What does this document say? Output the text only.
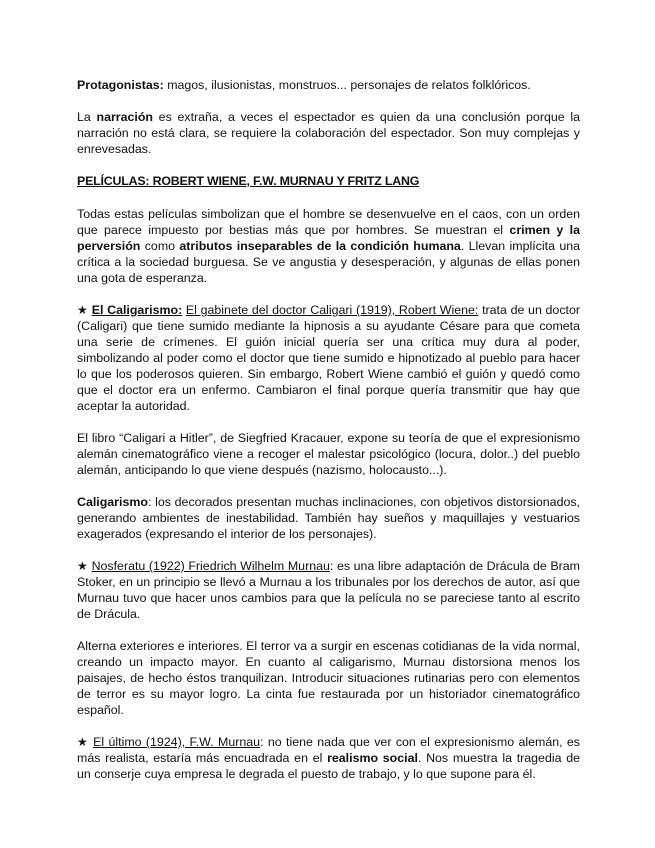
Protagonistas: magos, ilusionistas, monstruos... personajes de relatos folklóricos.

La narración es extraña, a veces el espectador es quien da una conclusión porque la narración no está clara, se requiere la colaboración del espectador. Son muy complejas y enrevesadas.

PELÍCULAS: ROBERT WIENE, F.W. MURNAU Y FRITZ LANG

Todas estas películas simbolizan que el hombre se desenvuelve en el caos, con un orden que parece impuesto por bestias más que por hombres. Se muestran el crimen y la perversión como atributos inseparables de la condición humana. Llevan implícita una crítica a la sociedad burguesa. Se ve angustia y desesperación, y algunas de ellas ponen una gota de esperanza.

★ El Caligarismo: El gabinete del doctor Caligari (1919), Robert Wiene: trata de un doctor (Caligari) que tiene sumido mediante la hipnosis a su ayudante Césare para que cometa una serie de crímenes. El guión inicial quería ser una crítica muy dura al poder, simbolizando al poder como el doctor que tiene sumido e hipnotizado al pueblo para hacer lo que los poderosos quieren. Sin embargo, Robert Wiene cambió el guión y quedó como que el doctor era un enfermo. Cambiaron el final porque quería transmitir que hay que aceptar la autoridad.

El libro “Caligari a Hitler”, de Siegfried Kracauer, expone su teoría de que el expresionismo alemán cinematográfico viene a recoger el malestar psicológico (locura, dolor..) del pueblo alemán, anticipando lo que viene después (nazismo, holocausto...).

Caligarismo: los decorados presentan muchas inclinaciones, con objetivos distorsionados, generando ambientes de inestabilidad. También hay sueños y maquillajes y vestuarios exagerados (expresando el interior de los personajes).

★ Nosferatu (1922) Friedrich Wilhelm Murnau: es una libre adaptación de Drácula de Bram Stoker, en un principio se llevó a Murnau a los tribunales por los derechos de autor, así que Murnau tuvo que hacer unos cambios para que la película no se pareciese tanto al escrito de Drácula.

Alterna exteriores e interiores. El terror va a surgir en escenas cotidianas de la vida normal, creando un impacto mayor. En cuanto al caligarismo, Murnau distorsiona menos los paisajes, de hecho éstos tranquilizan. Introducir situaciones rutinarias pero con elementos de terror es su mayor logro. La cinta fue restaurada por un historiador cinematográfico español.

★ El último (1924), F.W. Murnau: no tiene nada que ver con el expresionismo alemán, es más realista, estaría más encuadrada en el realismo social. Nos muestra la tragedia de un conserje cuya empresa le degrada el puesto de trabajo, y lo que supone para él.
